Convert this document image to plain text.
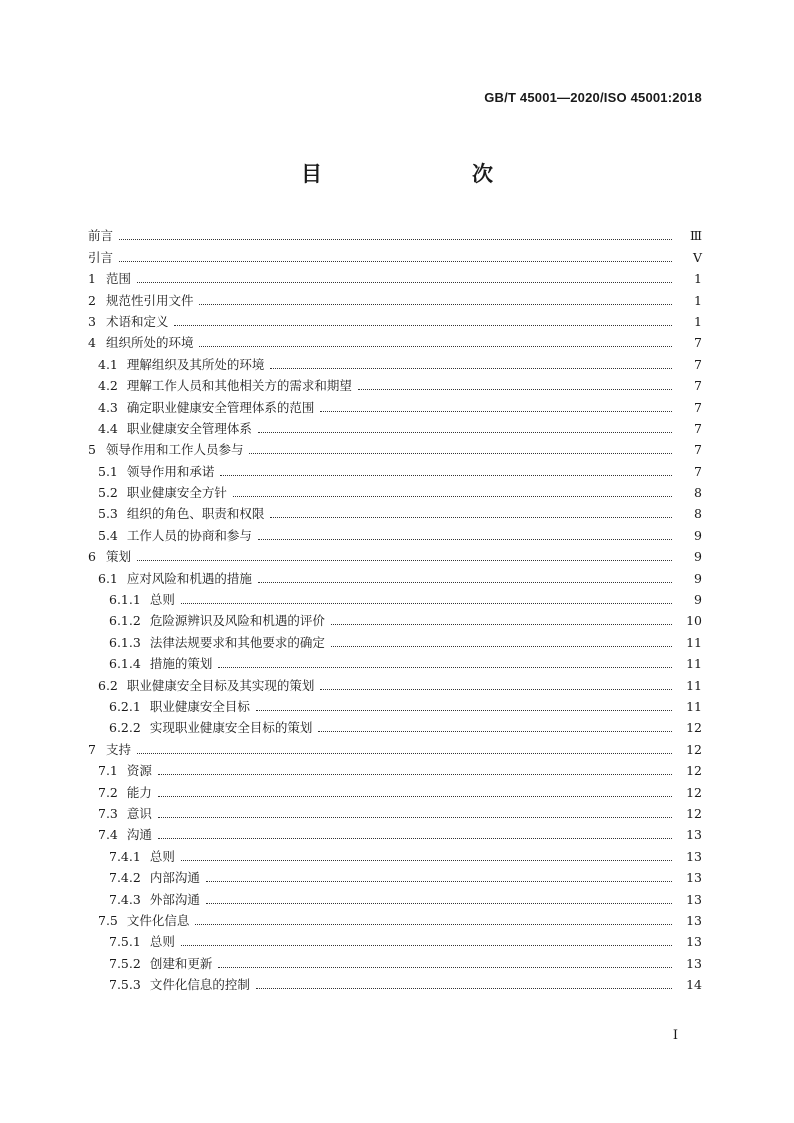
GB/T 45001—2020/ISO 45001:2018
目　　次
前言	Ⅲ
引言	Ⅴ
1 范围	1
2 规范性引用文件	1
3 术语和定义	1
4 组织所处的环境	7
4.1 理解组织及其所处的环境	7
4.2 理解工作人员和其他相关方的需求和期望	7
4.3 确定职业健康安全管理体系的范围	7
4.4 职业健康安全管理体系	7
5 领导作用和工作人员参与	7
5.1 领导作用和承诺	7
5.2 职业健康安全方针	8
5.3 组织的角色、职责和权限	8
5.4 工作人员的协商和参与	9
6 策划	9
6.1 应对风险和机遇的措施	9
6.1.1 总则	9
6.1.2 危险源辨识及风险和机遇的评价	10
6.1.3 法律法规要求和其他要求的确定	11
6.1.4 措施的策划	11
6.2 职业健康安全目标及其实现的策划	11
6.2.1 职业健康安全目标	11
6.2.2 实现职业健康安全目标的策划	12
7 支持	12
7.1 资源	12
7.2 能力	12
7.3 意识	12
7.4 沟通	13
7.4.1 总则	13
7.4.2 内部沟通	13
7.4.3 外部沟通	13
7.5 文件化信息	13
7.5.1 总则	13
7.5.2 创建和更新	13
7.5.3 文件化信息的控制	14
Ⅰ
